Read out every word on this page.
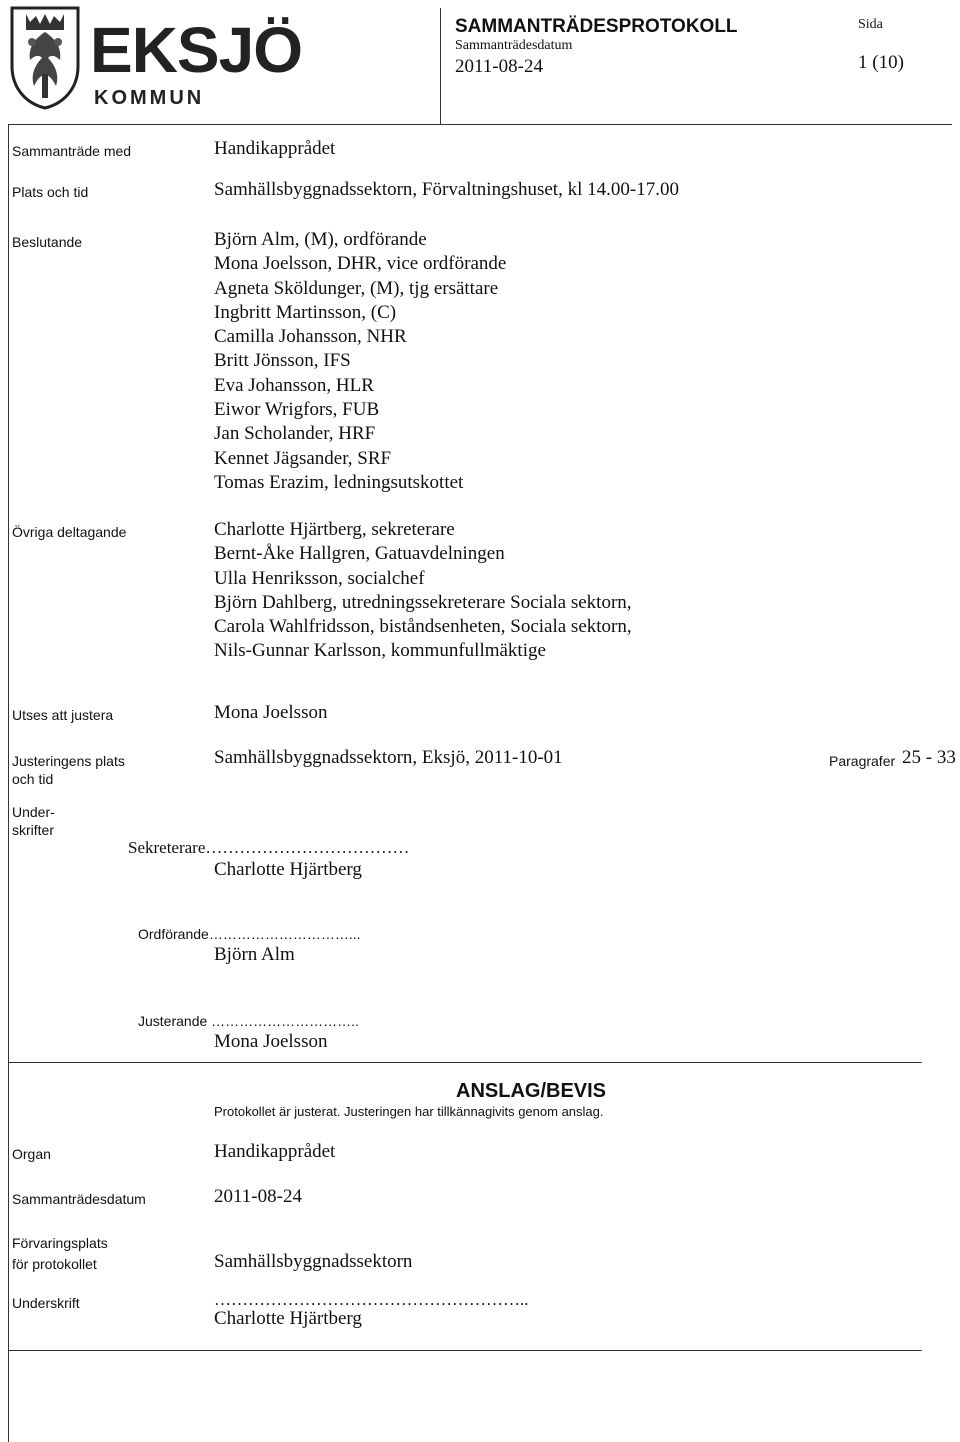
EKSJÖ
KOMMUN
SAMMANTRÄDESPROTOKOLL
Sammanträdesdatum
2011-08-24
Sida
1 (10)
Sammanträde med	Handikapprådet
Plats och tid	Samhällsbyggnadssektorn, Förvaltningshuset, kl 14.00-17.00
Beslutande	Björn Alm, (M), ordförande
Mona Joelsson, DHR, vice ordförande
Agneta Sköldunger, (M), tjg ersättare
Ingbritt Martinsson, (C)
Camilla Johansson, NHR
Britt Jönsson, IFS
Eva Johansson, HLR
Eiwor Wrigfors, FUB
Jan Scholander, HRF
Kennet Jägsander, SRF
Tomas Erazim, ledningsutskottet
Övriga deltagande	Charlotte Hjärtberg, sekreterare
Bernt-Åke Hallgren, Gatuavdelningen
Ulla Henriksson, socialchef
Björn Dahlberg, utredningssekreterare Sociala sektorn,
Carola Wahlfridsson, biståndsenheten, Sociala sektorn,
Nils-Gunnar Karlsson, kommunfullmäktige
Utses att justera	Mona Joelsson
Justeringens plats
och tid
Samhällsbyggnadssektorn, Eksjö, 2011-10-01	Paragrafer 25 - 33
Under-
skrifter
Sekreterare………………………………
Charlotte Hjärtberg
Ordförande…………………………...
Björn Alm
Justerande …………………………..
Mona Joelsson
ANSLAG/BEVIS
Protokollet är justerat. Justeringen har tillkännagivits genom anslag.
Organ	Handikapprådet
Sammanträdesdatum	2011-08-24
Förvaringsplats
för protokollet	Samhällsbyggnadssektorn
Underskrift	………………………………………………..
Charlotte Hjärtberg
